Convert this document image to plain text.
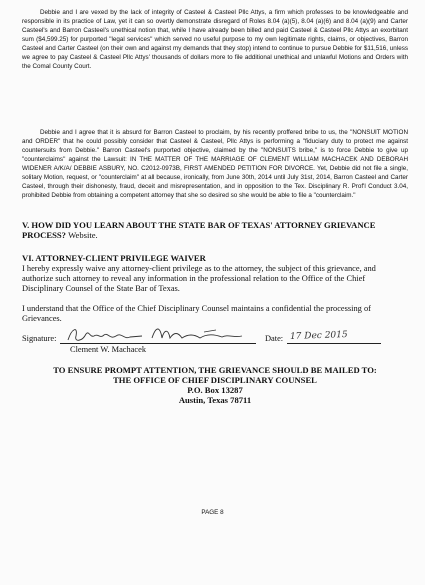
Debbie and I are vexed by the lack of integrity of Casteel & Casteel Pllc Attys, a firm which professes to be knowledgeable and responsible in its practice of Law, yet it can so overtly demonstrate disregard of Roles 8.04 (a)(5), 8.04 (a)(6) and 8.04 (a)(9) and Carter Casteel's and Barron Casteel's unethical notion that, while I have already been billed and paid Casteel & Casteel Pllc Attys an exorbitant sum ($4,599.25) for purported "legal services" which served no useful purpose to my own legitimate rights, claims, or objectives, Barron Casteel and Carter Casteel (on their own and against my demands that they stop) intend to continue to pursue Debbie for $11,516, unless we agree to pay Casteel & Casteel Pllc Attys' thousands of dollars more to file additional unethical and unlawful Motions and Orders with the Comal County Court.
Debbie and I agree that it is absurd for Barron Casteel to proclaim, by his recently proffered bribe to us, the "NONSUIT MOTION and ORDER" that he could possibly consider that Casteel & Casteel, Pllc Attys is performing a "fiduciary duty to protect me against countersuits from Debbie." Barron Casteel's purported objective, claimed by the "NONSUITS bribe," is to force Debbie to give up "counterclaims" against the Lawsuit: IN THE MATTER OF THE MARRIAGE OF CLEMENT WILLIAM MACHACEK AND DEBORAH WIDENER A/K/A/ DEBBIE ASBURY, NO. C2012-0973B, FIRST AMENDED PETITION FOR DIVORCE. Yet, Debbie did not file a single, solitary Motion, request, or "counterclaim" at all because, ironically, from June 30th, 2014 until July 31st, 2014, Barron Casteel and Carter Casteel, through their dishonesty, fraud, deceit and misrepresentation, and in opposition to the Tex. Disciplinary R. Prof'l Conduct 3.04, prohibited Debbie from obtaining a competent attorney that she so desired so she would be able to file a "counterclaim."
V. HOW DID YOU LEARN ABOUT THE STATE BAR OF TEXAS' ATTORNEY GRIEVANCE PROCESS? Website.
VI. ATTORNEY-CLIENT PRIVILEGE WAIVER
I hereby expressly waive any attorney-client privilege as to the attorney, the subject of this grievance, and authorize such attorney to reveal any information in the professional relation to the Office of the Chief Disciplinary Counsel of the State Bar of Texas.
I understand that the Office of the Chief Disciplinary Counsel maintains a confidential the processing of Grievances.
Signature:	Date: 17 Dec 2015
Clement W. Machacek
TO ENSURE PROMPT ATTENTION, THE GRIEVANCE SHOULD BE MAILED TO:
THE OFFICE OF CHIEF DISCIPLINARY COUNSEL
P.O. Box 13287
Austin, Texas 78711
PAGE 8
